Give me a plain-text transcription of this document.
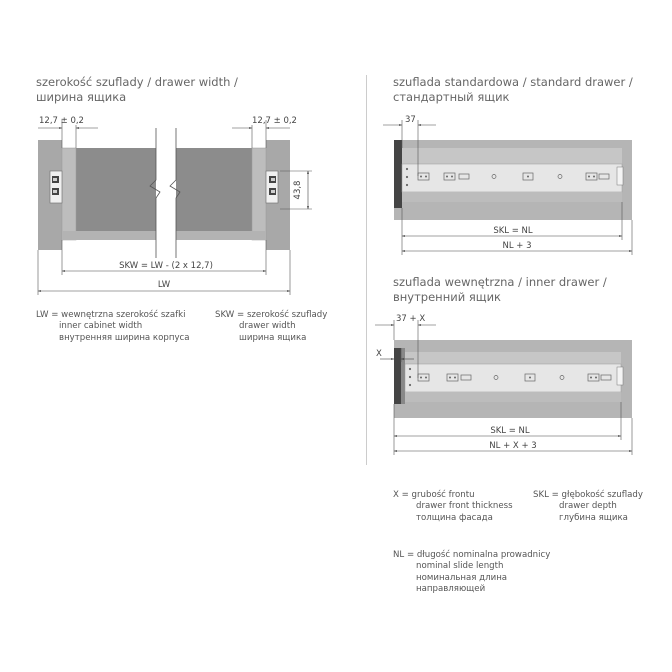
szerokość szuflady / drawer width /
ширина ящика
szuflada standardowa / standard drawer /
стандартный ящик
szuflada wewnętrzna / inner drawer /
внутренний ящик
43,8
12,7 ± 0,2	12,7 ± 0,2
SKW = LW - (2 x 12,7)
LW
37
SKL = NL
NL + 3
37 + X
X
SKL = NL
NL + X + 3
LW = wewnętrzna szerokość szafki
inner cabinet width
внутренняя ширина корпуса
SKW = szerokość szuflady
drawer width
ширина ящика
X = grubość frontu
drawer front thickness
толщина фасада
SKL = głębokość szuflady
drawer depth
глубина ящика
NL = długość nominalna prowadnicy
nominal slide length
номинальная длина
направляющей
